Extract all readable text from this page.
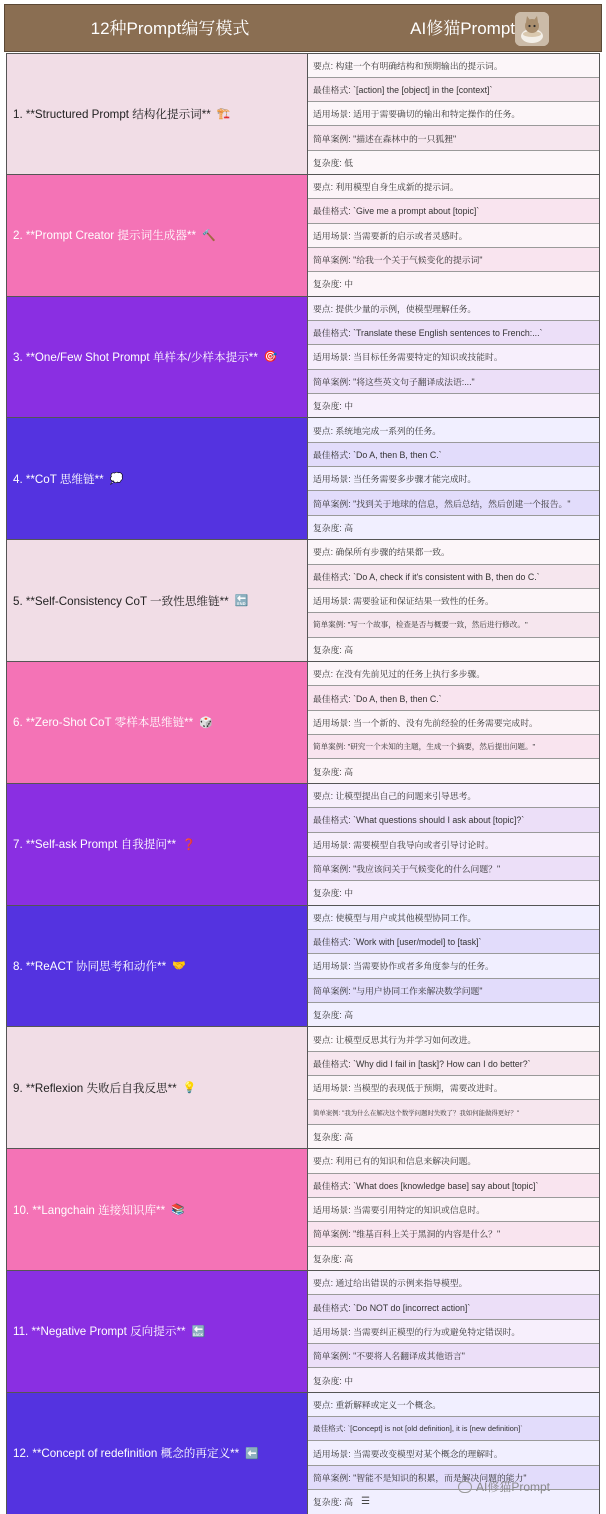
12种Prompt编写模式	AI修猫Prompt
1. **Structured Prompt 结构化提示词** 🏗️
要点: 构建一个有明确结构和预期输出的提示词。
最佳格式: `[action] the [object] in the [context]`
适用场景: 适用于需要确切的输出和特定操作的任务。
简单案例: "描述在森林中的一只狐狸"
复杂度: 低
2. **Prompt Creator 提示词生成器** 🔨
要点: 利用模型自身生成新的提示词。
最佳格式: `Give me a prompt about [topic]`
适用场景: 当需要新的启示或者灵感时。
简单案例: "给我一个关于气候变化的提示词"
复杂度: 中
3. **One/Few Shot Prompt 单样本/少样本提示** 🎯
要点: 提供少量的示例，使模型理解任务。
最佳格式: `Translate these English sentences to French:...`
适用场景: 当目标任务需要特定的知识或技能时。
简单案例: "将这些英文句子翻译成法语:..."
复杂度: 中
4. **CoT 思维链** 💭
要点: 系统地完成一系列的任务。
最佳格式: `Do A, then B, then C.`
适用场景: 当任务需要多步骤才能完成时。
简单案例: "找到关于地球的信息，然后总结，然后创建一个报告。"
复杂度: 高
5. **Self-Consistency CoT 一致性思维链** 🔚
要点: 确保所有步骤的结果都一致。
最佳格式: `Do A, check if it's consistent with B, then do C.`
适用场景: 需要验证和保证结果一致性的任务。
简单案例: "写一个故事，检查是否与概要一致，然后进行修改。"
复杂度: 高
6. **Zero-Shot CoT 零样本思维链** 🎲
要点: 在没有先前见过的任务上执行多步骤。
最佳格式: `Do A, then B, then C.`
适用场景: 当一个新的、没有先前经验的任务需要完成时。
简单案例: "研究一个未知的主题，生成一个摘要，然后提出问题。"
复杂度: 高
7. **Self-ask Prompt 自我提问** ❓
要点: 让模型提出自己的问题来引导思考。
最佳格式: `What questions should I ask about [topic]?`
适用场景: 需要模型自我导向或者引导讨论时。
简单案例: "我应该问关于气候变化的什么问题？"
复杂度: 中
8. **ReACT 协同思考和动作** 🤝
要点: 使模型与用户或其他模型协同工作。
最佳格式: `Work with [user/model] to [task]`
适用场景: 当需要协作或者多角度参与的任务。
简单案例: "与用户协同工作来解决数学问题"
复杂度: 高
9. **Reflexion 失败后自我反思** 💡
要点: 让模型反思其行为并学习如何改进。
最佳格式: `Why did I fail in [task]? How can I do better?`
适用场景: 当模型的表现低于预期，需要改进时。
简单案例: "我为什么在解决这个数学问题时失败了？我如何能做得更好？"
复杂度: 高
10. **Langchain 连接知识库** 📚
要点: 利用已有的知识和信息来解决问题。
最佳格式: `What does [knowledge base] say about [topic]`
适用场景: 当需要引用特定的知识或信息时。
简单案例: "维基百科上关于黑洞的内容是什么？"
复杂度: 高
11. **Negative Prompt 反向提示** 🔙
要点: 通过给出错误的示例来指导模型。
最佳格式: `Do NOT do [incorrect action]`
适用场景: 当需要纠正模型的行为或避免特定错误时。
简单案例: "不要将人名翻译成其他语言"
复杂度: 中
12. **Concept of redefinition 概念的再定义** ⬅️
要点: 重新解释或定义一个概念。
最佳格式: `[Concept] is not [old definition], it is [new definition]`
适用场景: 当需要改变模型对某个概念的理解时。
简单案例: "智能不是知识的积累，而是解决问题的能力"
复杂度: 高 ☰
AI修猫Prompt
